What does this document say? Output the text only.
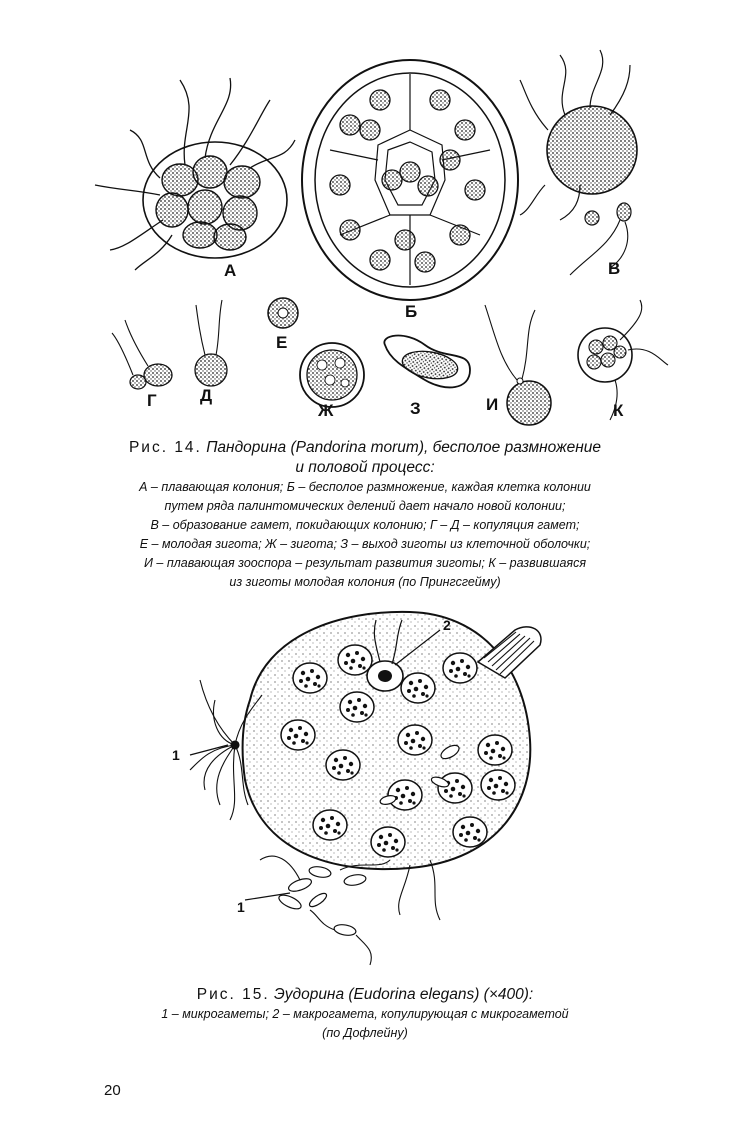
А
Б
В
Г	Д
Е
Ж	З	И	К
1
1
2
Рис. 14. Пандорина (Pandorina morum), бесполое размножение
и половой процесс:
А – плавающая колония; Б – бесполое размножение, каждая клетка колонии
путем ряда палинтомических делений дает начало новой колонии;
В – образование гамет, покидающих колонию; Г – Д – копуляция гамет;
Е – молодая зигота; Ж – зигота; З – выход зиготы из клеточной оболочки;
И – плавающая зооспора – результат развития зиготы; К – развившаяся
из зиготы молодая колония (по Прингсгейму)
Рис. 15. Эудорина (Eudorina elegans) (×400):
1 – микрогаметы; 2 – макрогамета, копулирующая с микрогаметой
(по Дофлейну)
20
